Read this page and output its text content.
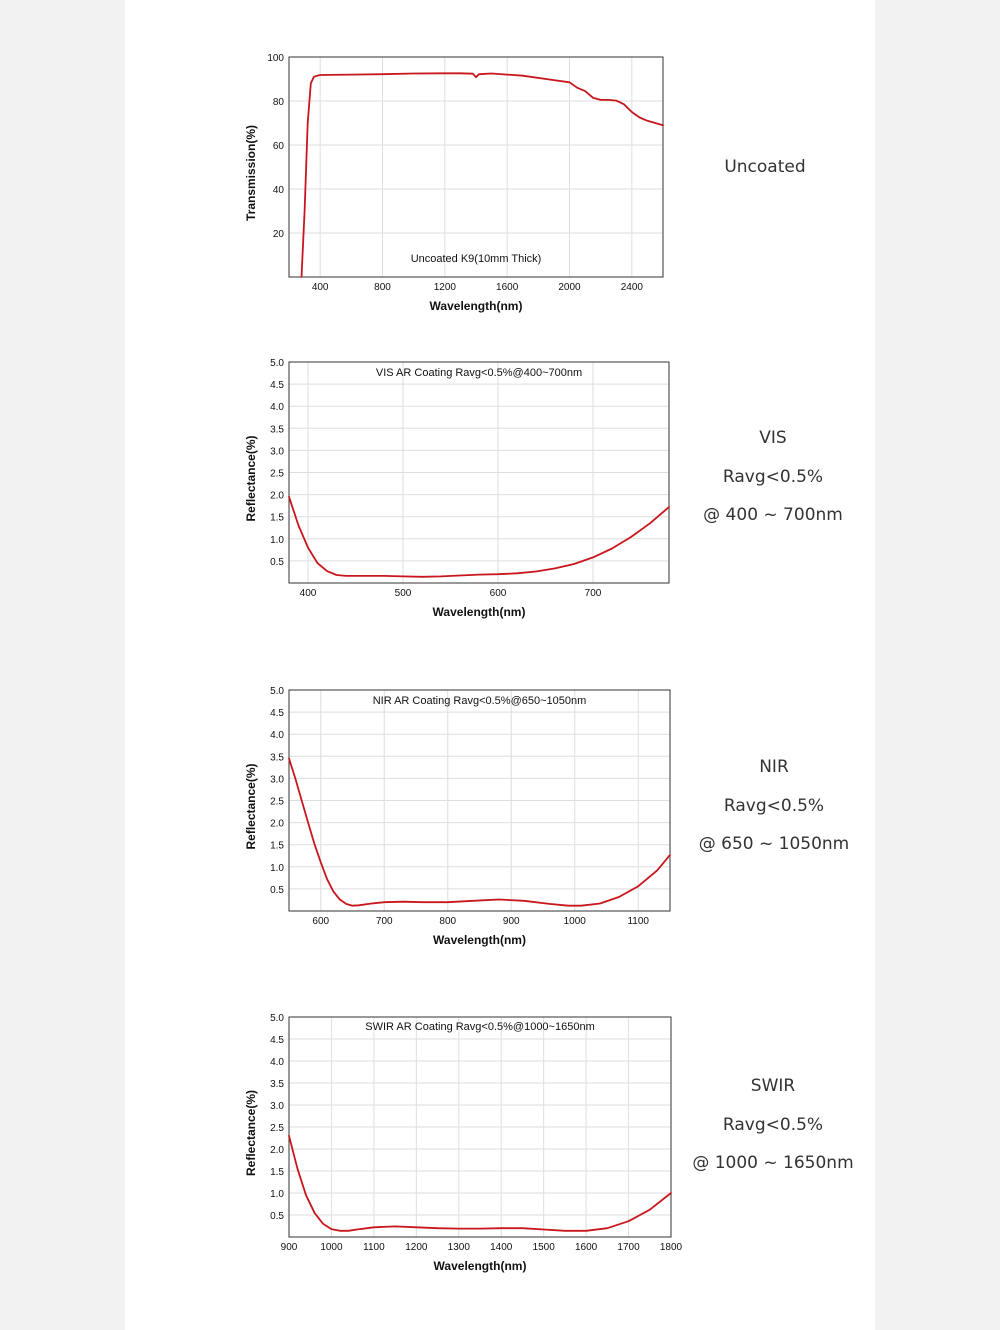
400	800	1200	1600	2000	2400
20
40
60
80
100
Wavelength(nm)
Transmission(%)
Uncoated K9(10mm Thick)
400	500	600	700
0.5
1.0
1.5
2.0
2.5
3.0
3.5
4.0
4.5
5.0
Wavelength(nm)
Reflectance(%)
VIS AR Coating Ravg<0.5%@400~700nm
600	700	800	900	1000	1100
0.5
1.0
1.5
2.0
2.5
3.0
3.5
4.0
4.5
5.0
Wavelength(nm)
Reflectance(%)
NIR AR Coating Ravg<0.5%@650~1050nm
900 1000 1100 1200 1300 1400 1500 1600 1700 1800
0.5
1.0
1.5
2.0
2.5
3.0
3.5
4.0
4.5
5.0
Wavelength(nm)
Reflectance(%)
SWIR AR Coating Ravg<0.5%@1000~1650nm
Uncoated
VIS
Ravg<0.5%
@ 400 ~ 700nm
NIR
Ravg<0.5%
@ 650 ~ 1050nm
SWIR
Ravg<0.5%
@ 1000 ~ 1650nm
